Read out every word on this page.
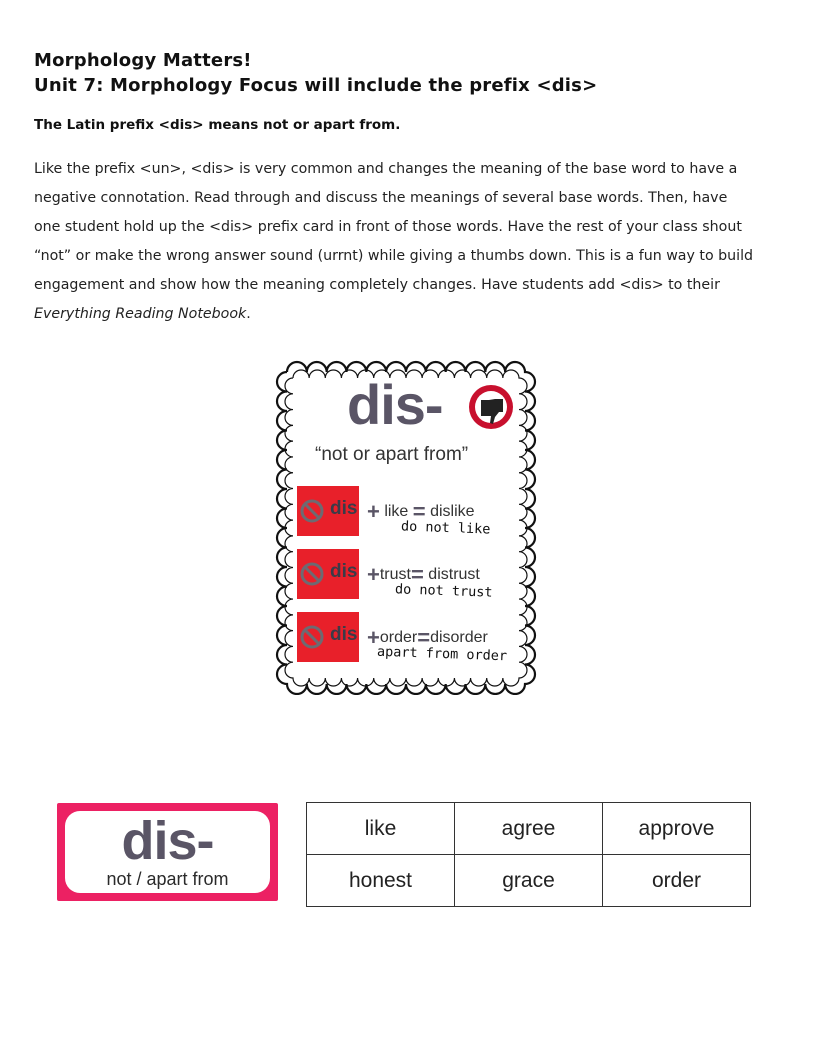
Morphology Matters!
Unit 7: Morphology Focus will include the prefix <dis>
The Latin prefix <dis> means not or apart from.
Like the prefix <un>, <dis> is very common and changes the meaning of the base word to have a negative connotation. Read through and discuss the meanings of several base words. Then, have one student hold up the <dis> prefix card in front of those words. Have the rest of your class shout “not” or make the wrong answer sound (urrnt) while giving a thumbs down. This is a fun way to build engagement and show how the meaning completely changes. Have students add <dis> to their Everything Reading Notebook.
dis-
“not or apart from”
dis + like = dislike
do not like
dis +trust= distrust
do not trust
dis +order=disorder
apart from order
dis-
not / apart from
like	agree	approve
honest	grace	order
